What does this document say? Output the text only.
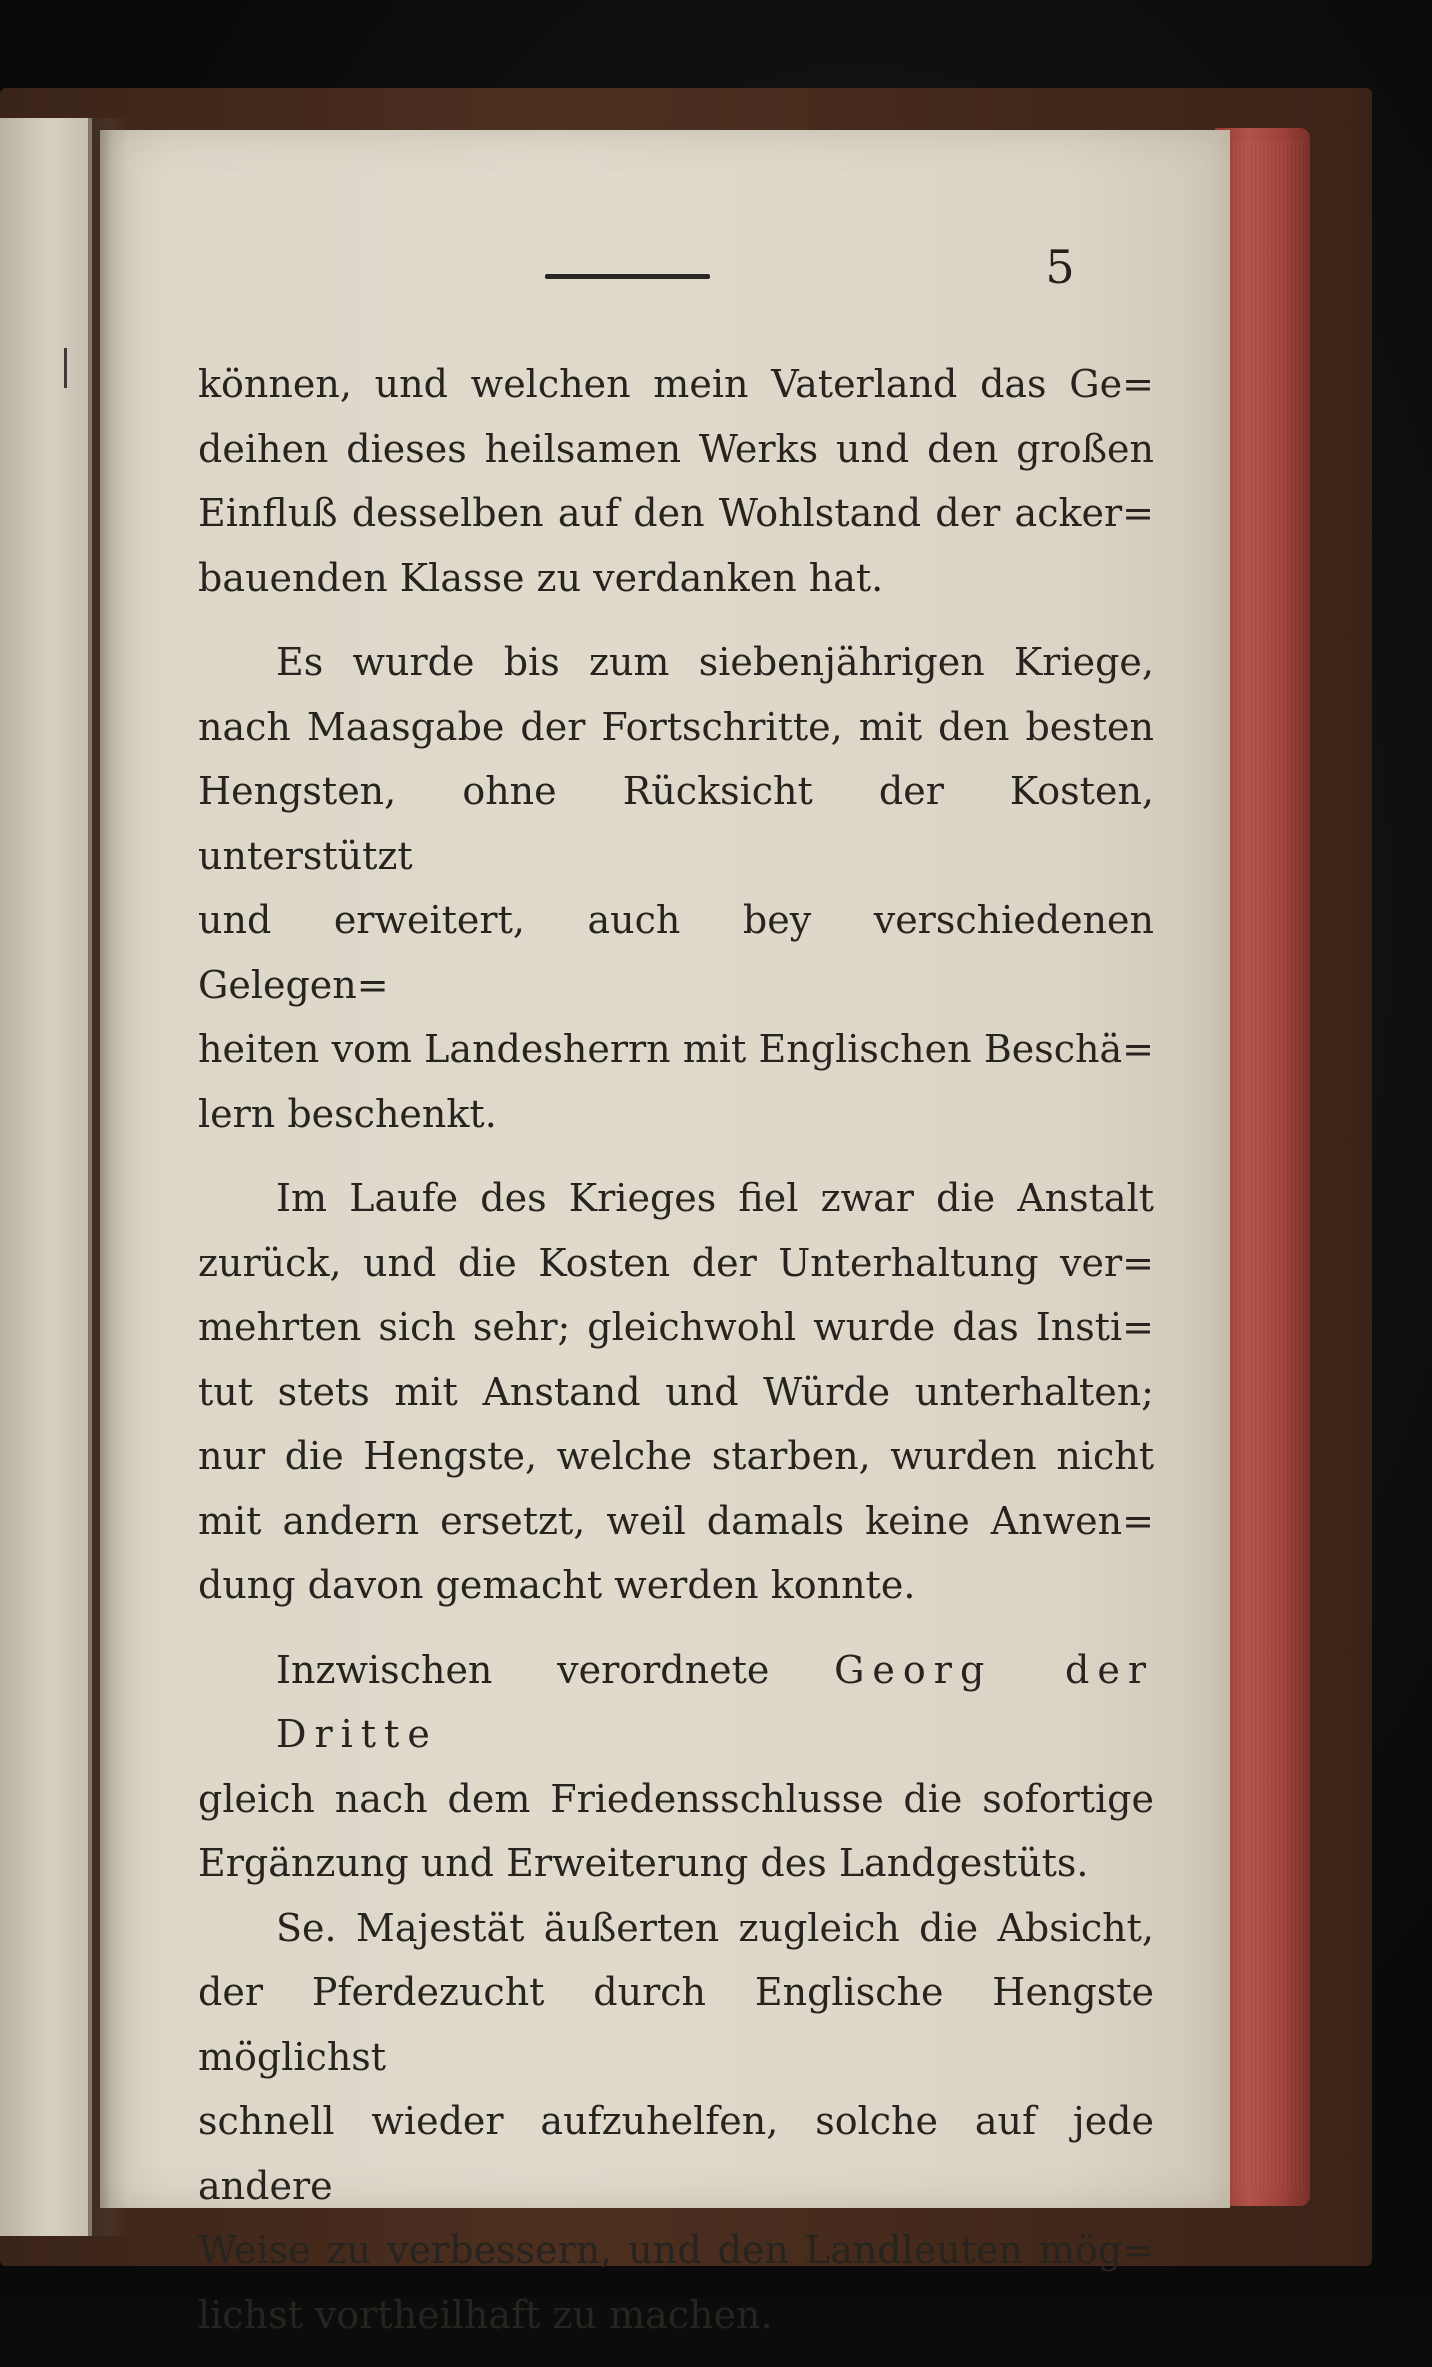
5

können, und welchen mein Vaterland das Ge=
deihen dieses heilsamen Werks und den großen
Einfluß desselben auf den Wohlstand der acker=
bauenden Klasse zu verdanken hat.

Es wurde bis zum siebenjährigen Kriege,
nach Maasgabe der Fortschritte, mit den besten
Hengsten, ohne Rücksicht der Kosten, unterstützt
und erweitert, auch bey verschiedenen Gelegen=
heiten vom Landesherrn mit Englischen Beschä=
lern beschenkt.

Im Laufe des Krieges fiel zwar die Anstalt
zurück, und die Kosten der Unterhaltung ver=
mehrten sich sehr; gleichwohl wurde das Insti=
tut stets mit Anstand und Würde unterhalten;
nur die Hengste, welche starben, wurden nicht
mit andern ersetzt, weil damals keine Anwen=
dung davon gemacht werden konnte.

Inzwischen verordnete Georg der Dritte
gleich nach dem Friedensschlusse die sofortige
Ergänzung und Erweiterung des Landgestüts.

Se. Majestät äußerten zugleich die Absicht,
der Pferdezucht durch Englische Hengste möglichst
schnell wieder aufzuhelfen, solche auf jede andere
Weise zu verbessern, und den Landleuten mög=
lichst vortheilhaft zu machen.
